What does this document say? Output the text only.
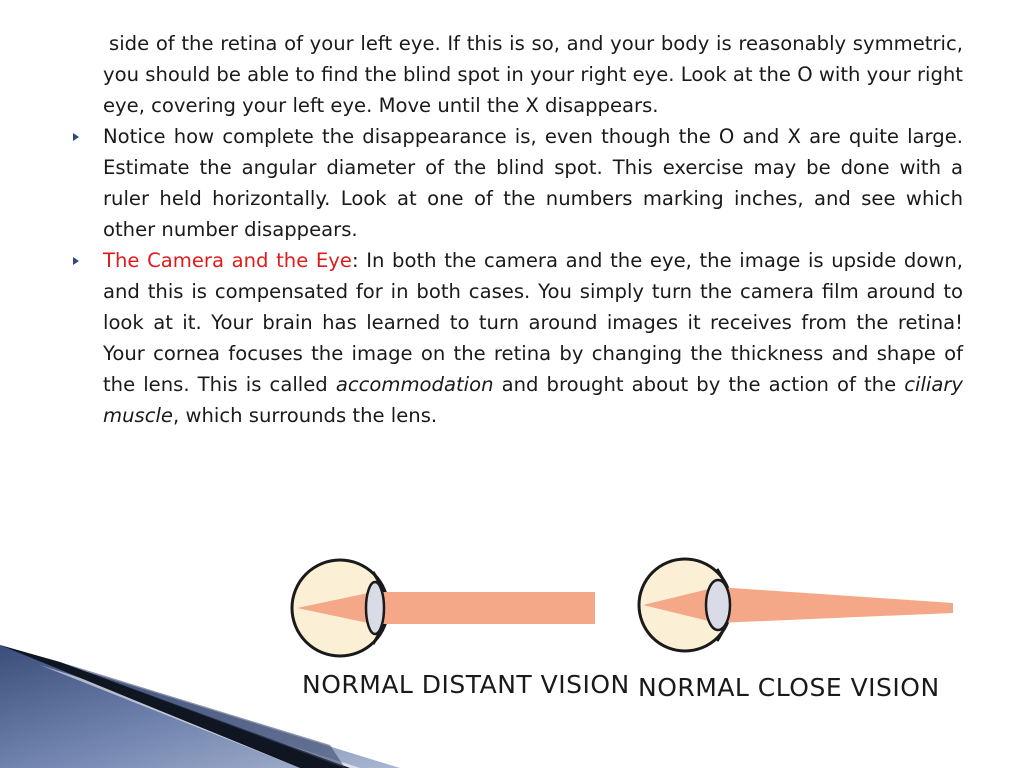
side of the retina of your left eye. If this is so, and your body is reasonably symmetric, you should be able to find the blind spot in your right eye. Look at the O with your right eye, covering your left eye. Move until the X disappears.

Notice how complete the disappearance is, even though the O and X are quite large. Estimate the angular diameter of the blind spot. This exercise may be done with a ruler held horizontally. Look at one of the numbers marking inches, and see which other number disappears.

The Camera and the Eye: In both the camera and the eye, the image is upside down, and this is compensated for in both cases. You simply turn the camera film around to look at it. Your brain has learned to turn around images it receives from the retina! Your cornea focuses the image on the retina by changing the thickness and shape of the lens. This is called accommodation and brought about by the action of the ciliary muscle, which surrounds the lens.

NORMAL DISTANT VISION NORMAL CLOSE VISION
